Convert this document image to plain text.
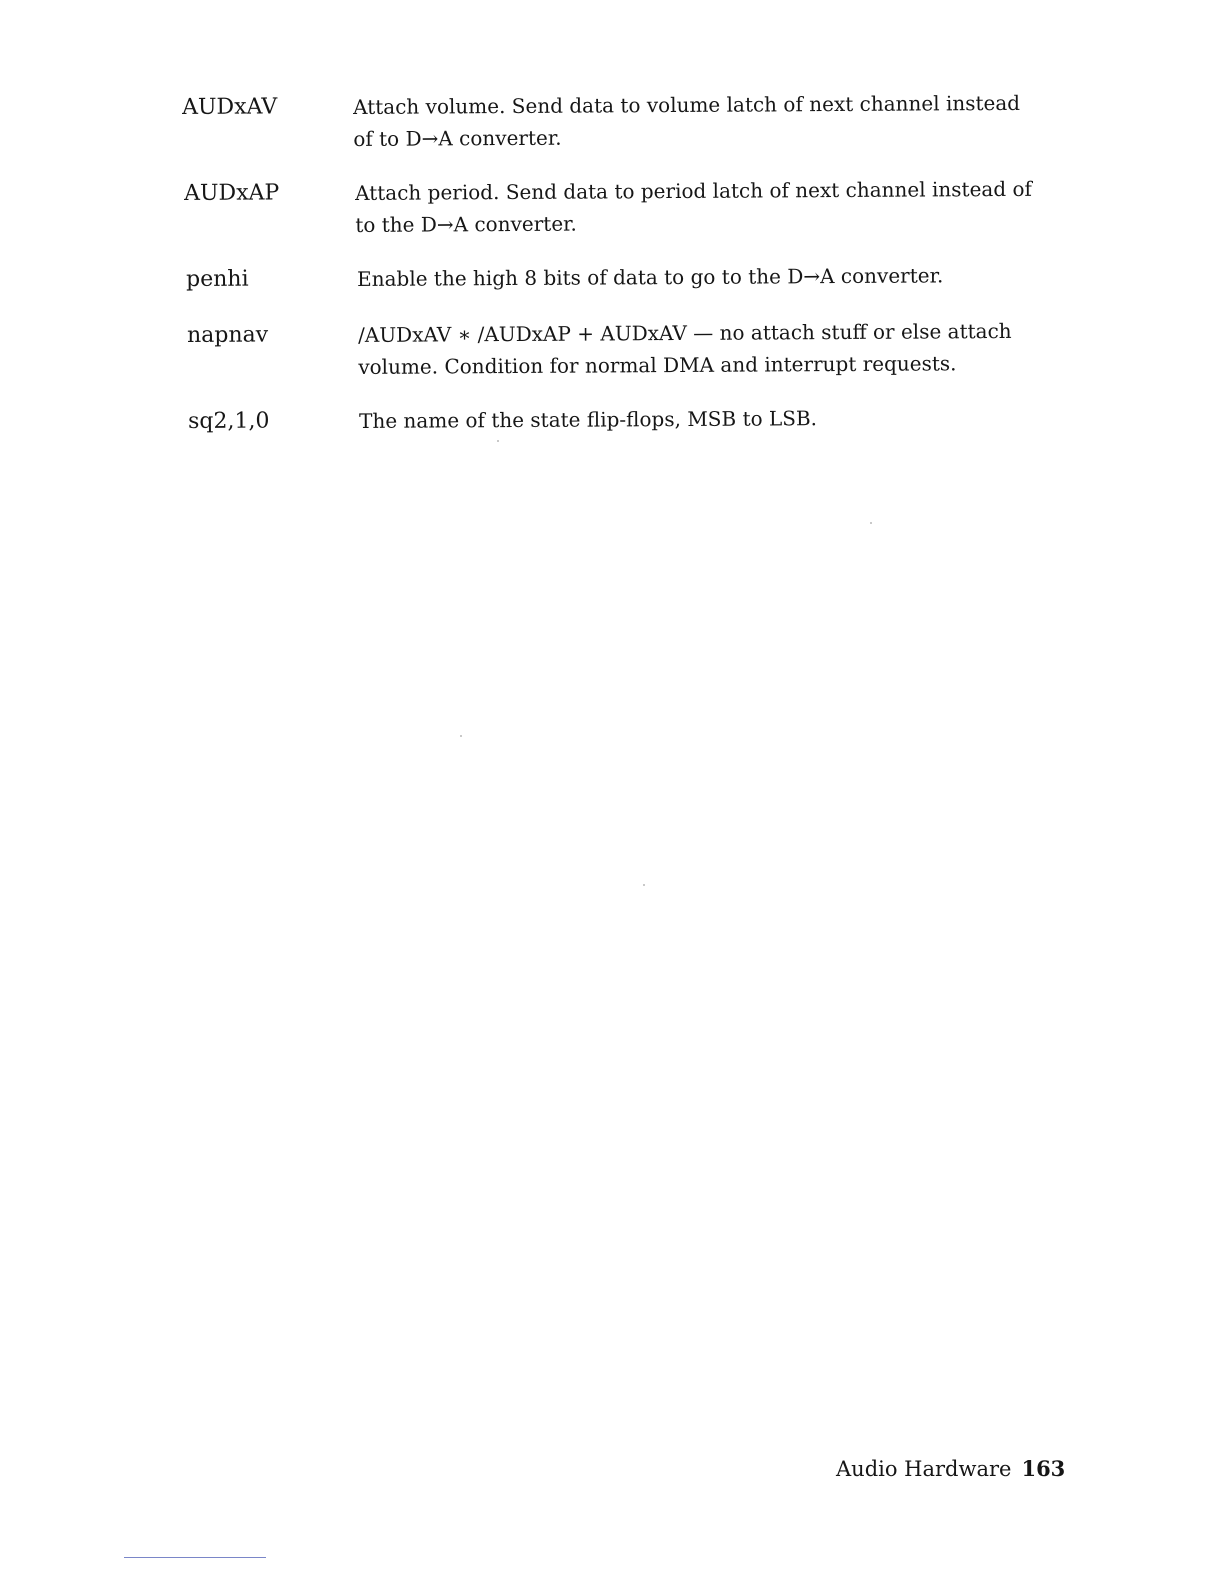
AUDxAV	Attach volume. Send data to volume latch of next channel instead
of to D→A converter.
AUDxAP	Attach period. Send data to period latch of next channel instead of
to the D→A converter.
penhi	Enable the high 8 bits of data to go to the D→A converter.
napnav	/AUDxAV ∗ /AUDxAP + AUDxAV — no attach stuff or else attach
volume. Condition for normal DMA and interrupt requests.
sq2,1,0	The name of the state flip-flops, MSB to LSB.
Audio Hardware 163
